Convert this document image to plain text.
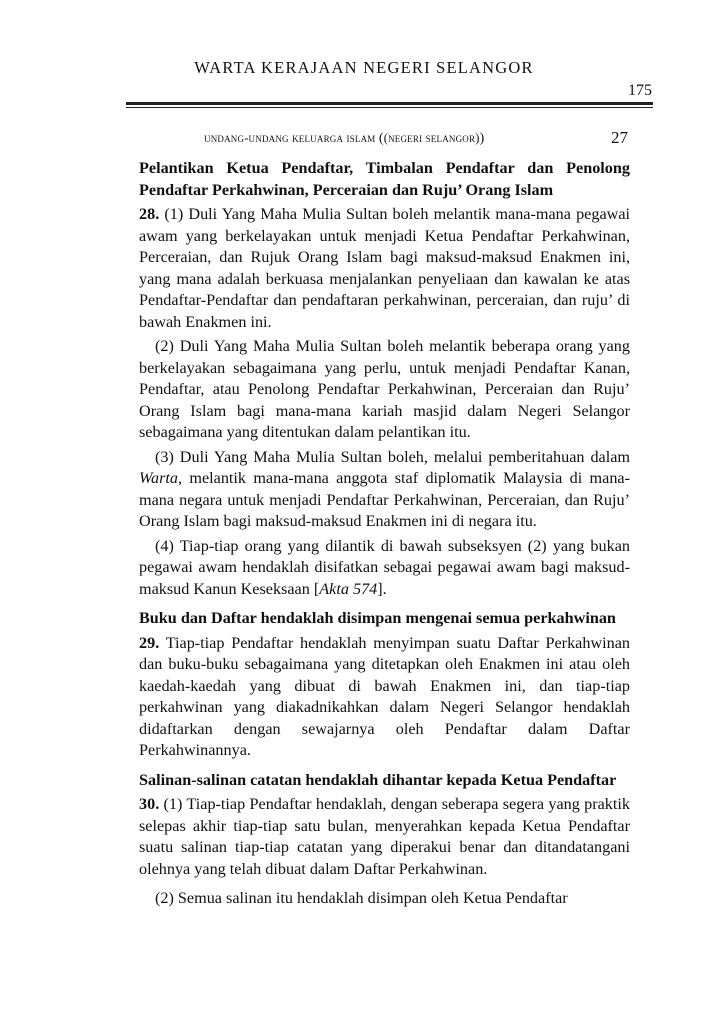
WARTA KERAJAAN NEGERI SELANGOR
175
undang-undang keluarga islam ((negeri selangor))	27

Pelantikan Ketua Pendaftar, Timbalan Pendaftar dan Penolong Pendaftar Perkahwinan, Perceraian dan Ruju’ Orang Islam

28. (1) Duli Yang Maha Mulia Sultan boleh melantik mana-mana pegawai awam yang berkelayakan untuk menjadi Ketua Pendaftar Perkahwinan, Perceraian, dan Rujuk Orang Islam bagi maksud-maksud Enakmen ini, yang mana adalah berkuasa menjalankan penyeliaan dan kawalan ke atas Pendaftar-Pendaftar dan pendaftaran perkahwinan, perceraian, dan ruju’ di bawah Enakmen ini.

(2) Duli Yang Maha Mulia Sultan boleh melantik beberapa orang yang berkelayakan sebagaimana yang perlu, untuk menjadi Pendaftar Kanan, Pendaftar, atau Penolong Pendaftar Perkahwinan, Perceraian dan Ruju’ Orang Islam bagi mana-mana kariah masjid dalam Negeri Selangor sebagaimana yang ditentukan dalam pelantikan itu.

(3) Duli Yang Maha Mulia Sultan boleh, melalui pemberitahuan dalam Warta, melantik mana-mana anggota staf diplomatik Malaysia di mana-mana negara untuk menjadi Pendaftar Perkahwinan, Perceraian, dan Ruju’ Orang Islam bagi maksud-maksud Enakmen ini di negara itu.

(4) Tiap-tiap orang yang dilantik di bawah subseksyen (2) yang bukan pegawai awam hendaklah disifatkan sebagai pegawai awam bagi maksud-maksud Kanun Keseksaan [Akta 574].

Buku dan Daftar hendaklah disimpan mengenai semua perkahwinan

29. Tiap-tiap Pendaftar hendaklah menyimpan suatu Daftar Perkahwinan dan buku-buku sebagaimana yang ditetapkan oleh Enakmen ini atau oleh kaedah-kaedah yang dibuat di bawah Enakmen ini, dan tiap-tiap perkahwinan yang diakadnikahkan dalam Negeri Selangor hendaklah didaftarkan dengan sewajarnya oleh Pendaftar dalam Daftar Perkahwinannya.

Salinan-salinan catatan hendaklah dihantar kepada Ketua Pendaftar

30. (1) Tiap-tiap Pendaftar hendaklah, dengan seberapa segera yang praktik selepas akhir tiap-tiap satu bulan, menyerahkan kepada Ketua Pendaftar suatu salinan tiap-tiap catatan yang diperakui benar dan ditandatangani olehnya yang telah dibuat dalam Daftar Perkahwinan.

(2) Semua salinan itu hendaklah disimpan oleh Ketua Pendaftar
